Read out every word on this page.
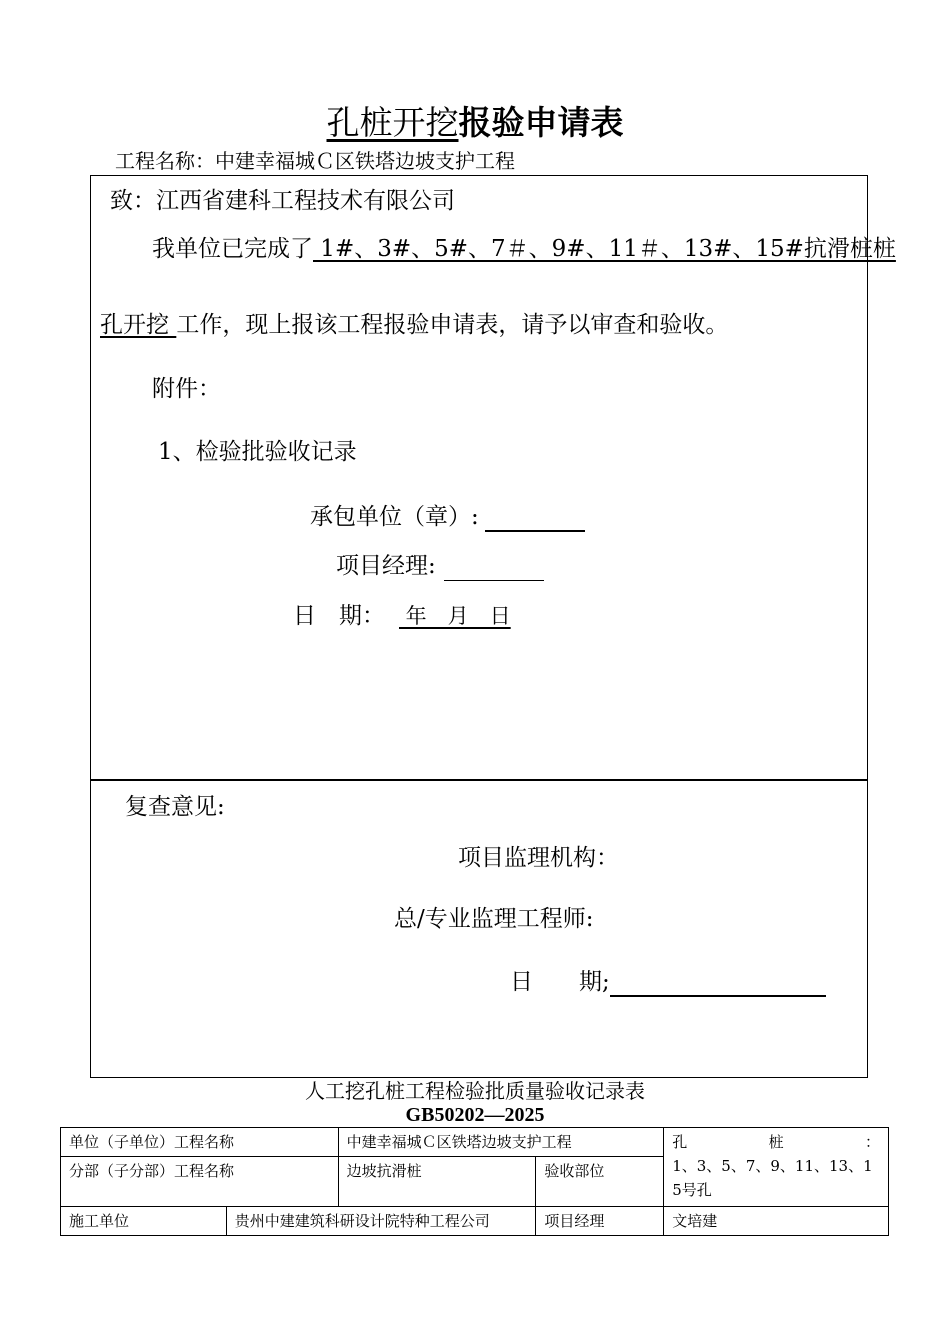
孔桩开挖报验申请表
工程名称：中建幸福城Ｃ区铁塔边坡支护工程
致：江西省建科工程技术有限公司
我单位已完成了 1#、3#、5#、7＃、9#、11＃、13#、15#抗滑桩桩
孔开挖 工作，现上报该工程报验申请表，请予以审查和验收。
附件：
1、检验批验收记录
承包单位（章）:
项目经理:
日　期： 年　月　日
复查意见:
项目监理机构：
总/专业监理工程师:
日　　期;
人工挖孔桩工程检验批质量验收记录表
GB50202—2025
单位（子单位）工程名称		中建幸福城Ｃ区铁塔边坡支护工程		孔 桩 ：
1、3、5、7、9、11、13、15号孔

分部（子分部）工程名称		边坡抗滑桩	验收部位	
施工单位	贵州中建建筑科研设计院特种工程公司		项目经理	文培建
